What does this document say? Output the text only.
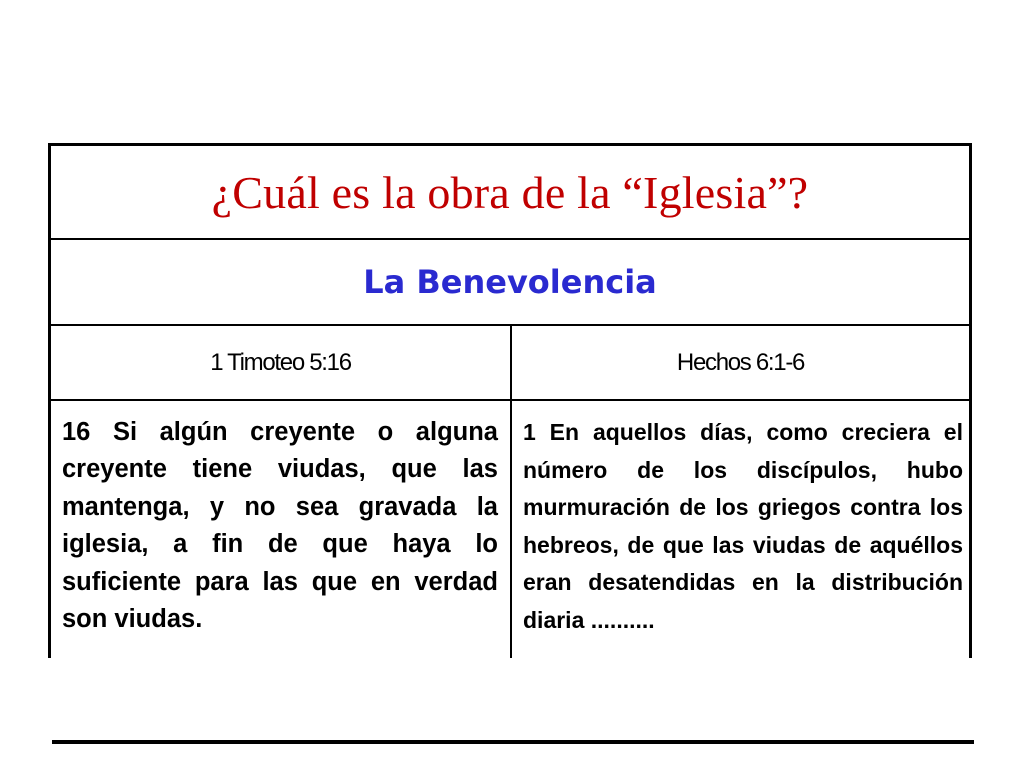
¿Cuál es la obra de la “Iglesia”?
La Benevolencia
1 Timoteo 5:16	Hechos 6:1-6

16 Si algún creyente o alguna creyente tiene viudas, que las mantenga, y no sea gravada la iglesia, a fin de que haya lo suficiente para las que en verdad son viudas.

1 En aquellos días, como creciera el número de los discípulos, hubo murmuración de los griegos contra los hebreos, de que las viudas de aquéllos eran desatendidas en la distribución diaria ..........
